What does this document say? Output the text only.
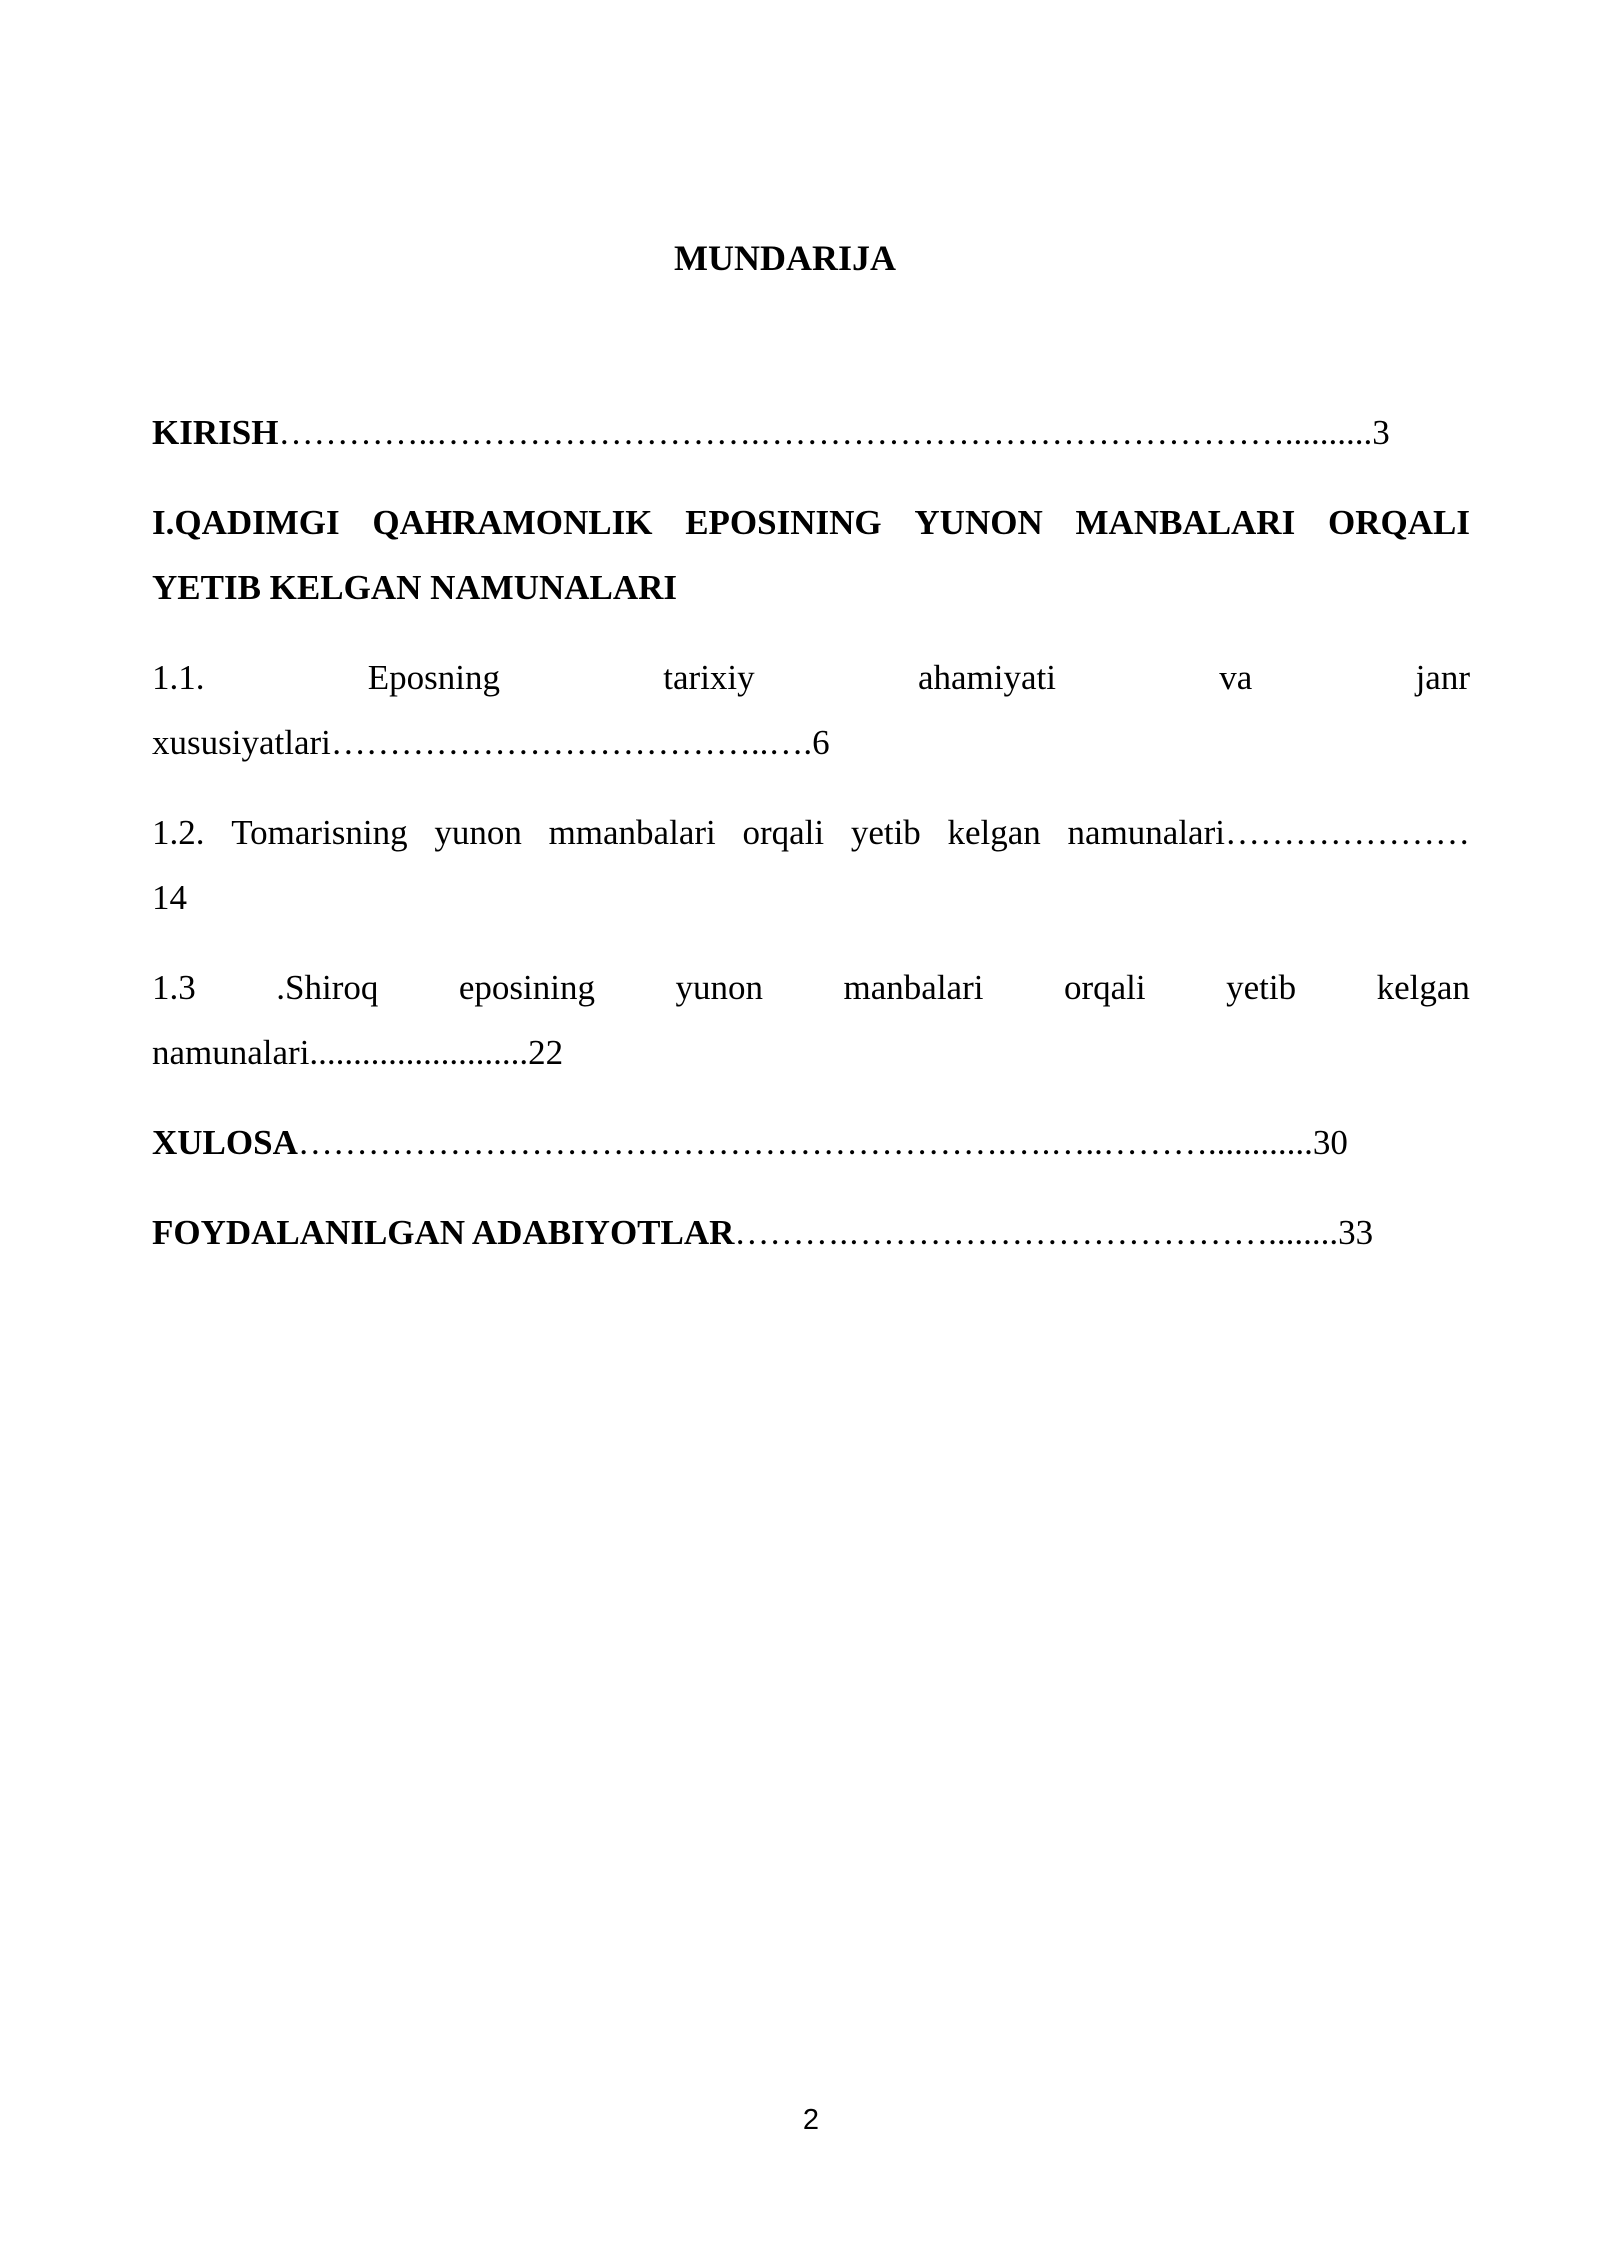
MUNDARIJA

KIRISH…………..……………………….………………………………………..........3

I.QADIMGI QAHRAMONLIK EPOSINING YUNON MANBALARI ORQALI
YETIB KELGAN NAMUNALARI
1.1.	Eposning	tarixiy	ahamiyati	va	janr
xususiyatlari………………………………..….6
1.2. Tomarisning yunon mmanbalari orqali yetib kelgan namunalari…………………
14
1.3 .Shiroq eposining yunon manbalari orqali yetib kelgan
namunalari.........................22

XULOSA…………………………………………………….….…..………............30

FOYDALANILGAN ADABIYOTLAR……….………………………………........33

2
